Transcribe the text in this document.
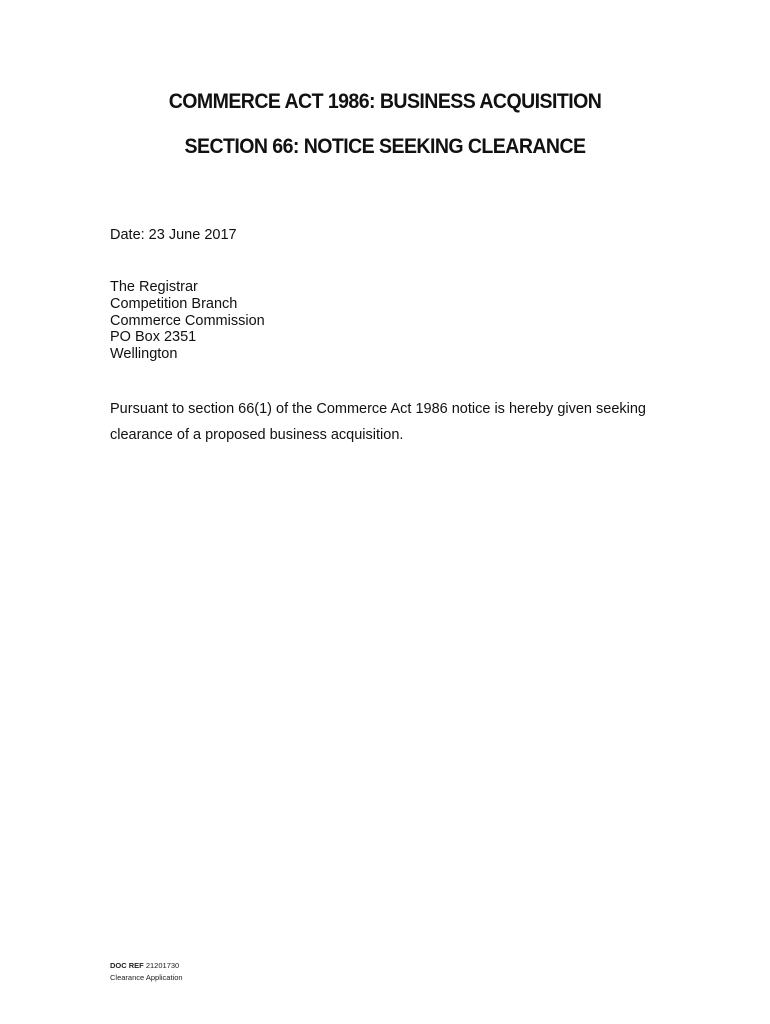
COMMERCE ACT 1986: BUSINESS ACQUISITION
SECTION 66: NOTICE SEEKING CLEARANCE

Date: 23 June 2017

The Registrar
Competition Branch
Commerce Commission
PO Box 2351
Wellington

Pursuant to section 66(1) of the Commerce Act 1986 notice is hereby given seeking clearance of a proposed business acquisition.

DOC REF 21201730
Clearance Application
